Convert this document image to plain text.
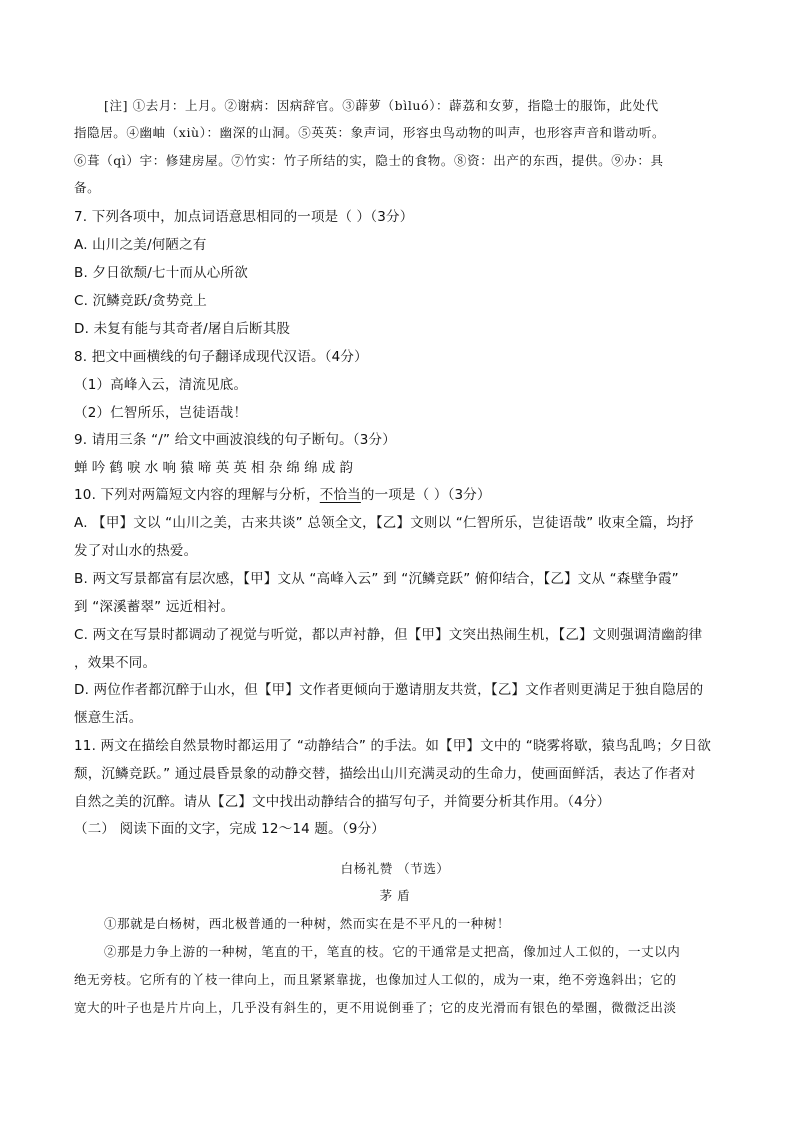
[注] ①去月：上月。②谢病：因病辞官。③薜萝（bìluó）：薜荔和女萝，指隐士的服饰，此处代
指隐居。④幽岫（xiù）：幽深的山洞。⑤英英：象声词，形容虫鸟动物的叫声，也形容声音和谐动听。
⑥葺（qì）宇：修建房屋。⑦竹实：竹子所结的实，隐士的食物。⑧资：出产的东西，提供。⑨办：具
备。
7. 下列各项中，加点词语意思相同的一项是（ ）（3分）
A. 山川之美/何陋之有
B. 夕日欲颓/七十而从心所欲
C. 沉鳞竞跃/贪势竞上
D. 未复有能与其奇者/屠自后断其股
8. 把文中画横线的句子翻译成现代汉语。（4分）
（1）高峰入云，清流见底。
（2）仁智所乐，岂徒语哉！
9. 请用三条 “/” 给文中画波浪线的句子断句。（3分）
蝉吟鹤唳水响猿啼英英相杂绵绵成韵
10. 下列对两篇短文内容的理解与分析，不恰当的一项是（ ）（3分）
A. 【甲】文以 “山川之美，古来共谈” 总领全文，【乙】文则以 “仁智所乐，岂徒语哉” 收束全篇，均抒
发了对山水的热爱。
B. 两文写景都富有层次感，【甲】文从 “高峰入云” 到 “沉鳞竞跃” 俯仰结合，【乙】文从 “森壁争霞”
到 “深溪蓄翠” 远近相衬。
C. 两文在写景时都调动了视觉与听觉，都以声衬静，但【甲】文突出热闹生机，【乙】文则强调清幽韵律
，效果不同。
D. 两位作者都沉醉于山水，但【甲】文作者更倾向于邀请朋友共赏，【乙】文作者则更满足于独自隐居的
惬意生活。
11. 两文在描绘自然景物时都运用了 “动静结合” 的手法。如【甲】文中的 “晓雾将歇，猿鸟乱鸣；夕日欲
颓，沉鳞竞跃。” 通过晨昏景象的动静交替，描绘出山川充满灵动的生命力，使画面鲜活，表达了作者对
自然之美的沉醉。请从【乙】文中找出动静结合的描写句子，并简要分析其作用。（4分）
（二） 阅读下面的文字，完成 12～14 题。（9分）
白杨礼赞 （节选）
茅 盾
①那就是白杨树，西北极普通的一种树，然而实在是不平凡的一种树！
②那是力争上游的一种树，笔直的干，笔直的枝。它的干通常是丈把高，像加过人工似的，一丈以内
绝无旁枝。它所有的丫枝一律向上，而且紧紧靠拢，也像加过人工似的，成为一束，绝不旁逸斜出；它的
宽大的叶子也是片片向上，几乎没有斜生的，更不用说倒垂了；它的皮光滑而有银色的晕圈，微微泛出淡
